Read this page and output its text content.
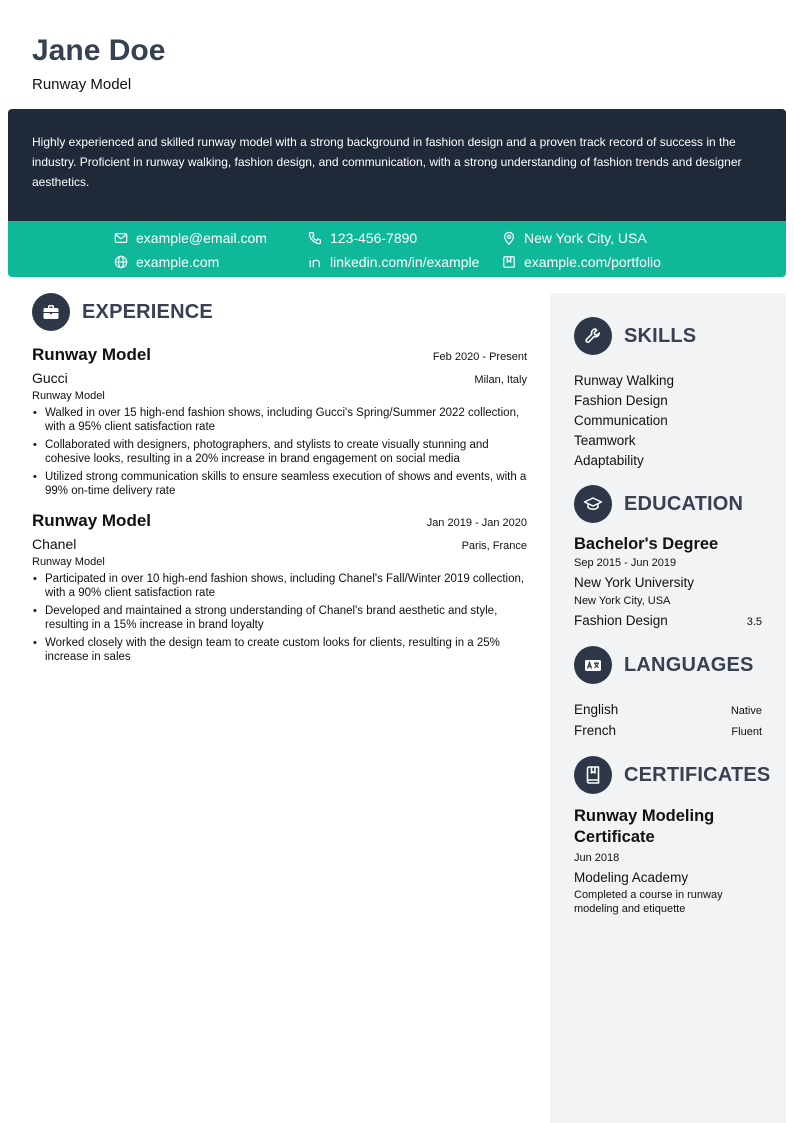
Jane Doe
Runway Model

Highly experienced and skilled runway model with a strong background in fashion design and a proven track record of success in the industry. Proficient in runway walking, fashion design, and communication, with a strong understanding of fashion trends and designer aesthetics.

example@email.com	123-456-7890	New York City, USA
example.com	linkedin.com/in/example	example.com/portfolio
EXPERIENCE
Runway Model	Feb 2020 - Present
Gucci	Milan, Italy
Runway Model
• Walked in over 15 high-end fashion shows, including Gucci's Spring/Summer 2022 collection, with a 95% client satisfaction rate
• Collaborated with designers, photographers, and stylists to create visually stunning and cohesive looks, resulting in a 20% increase in brand engagement on social media
• Utilized strong communication skills to ensure seamless execution of shows and events, with a 99% on-time delivery rate
Runway Model	Jan 2019 - Jan 2020
Chanel	Paris, France
Runway Model
• Participated in over 10 high-end fashion shows, including Chanel's Fall/Winter 2019 collection, with a 90% client satisfaction rate
• Developed and maintained a strong understanding of Chanel's brand aesthetic and style, resulting in a 15% increase in brand loyalty
• Worked closely with the design team to create custom looks for clients, resulting in a 25% increase in sales
SKILLS
Runway Walking
Fashion Design
Communication
Teamwork
Adaptability
EDUCATION
Bachelor's Degree
Sep 2015 - Jun 2019
New York University
New York City, USA
Fashion Design	3.5
LANGUAGES
English	Native
French	Fluent
CERTIFICATES
Runway Modeling Certificate
Jun 2018
Modeling Academy
Completed a course in runway modeling and etiquette
